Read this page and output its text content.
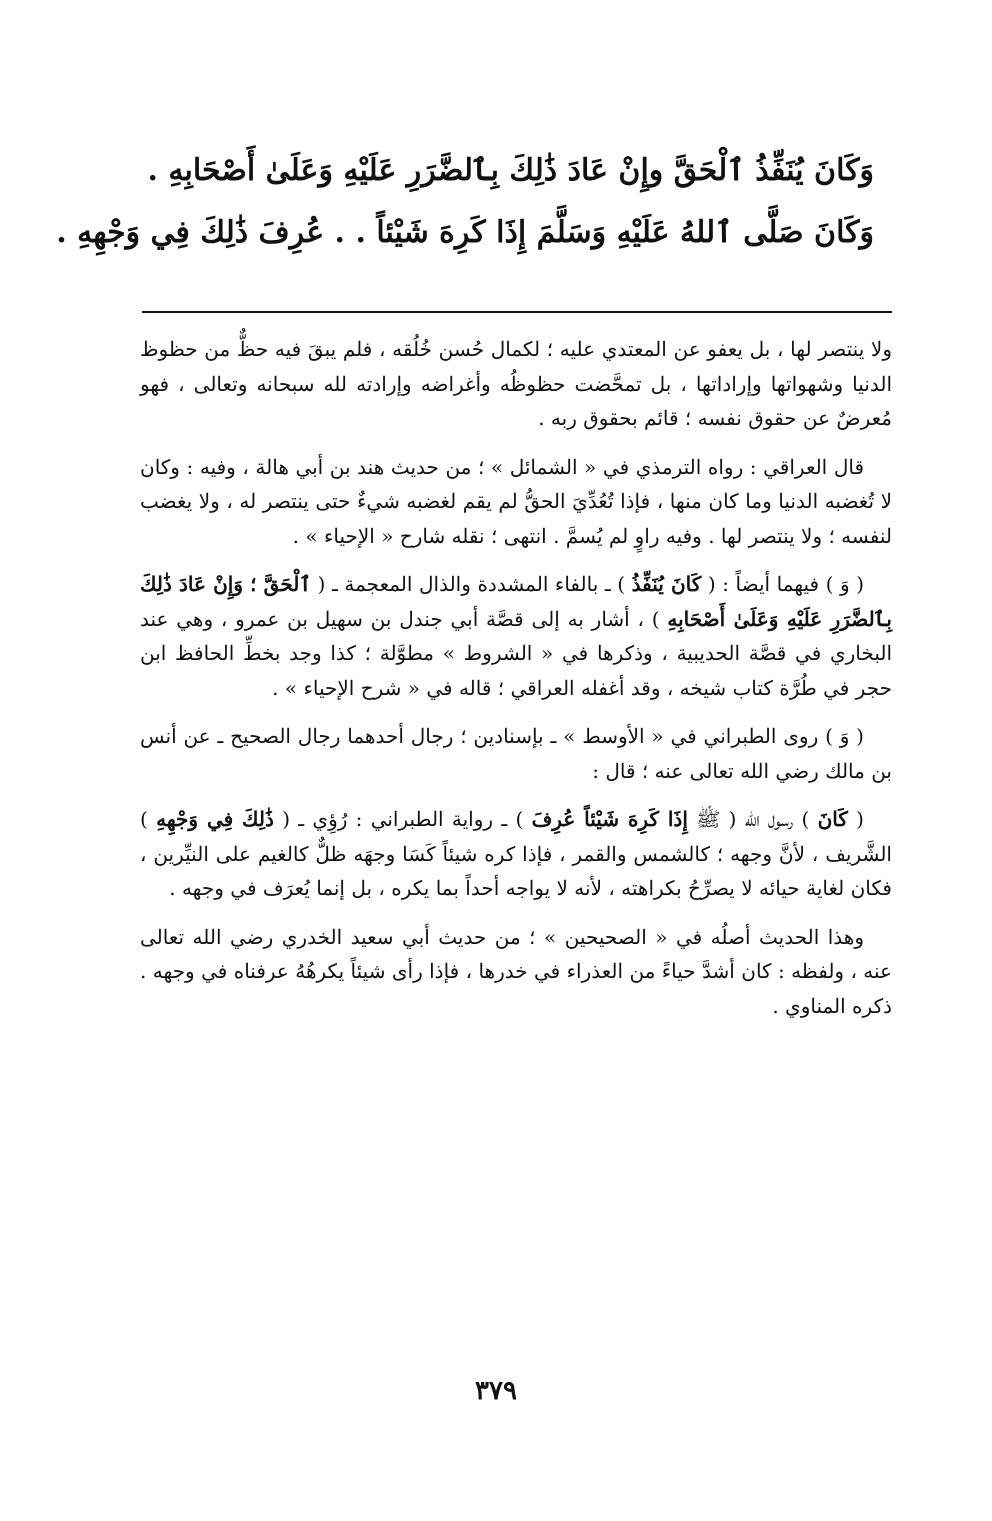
وَكَانَ يُنَفِّذُ ٱلْحَقَّ وإِنْ عَادَ ذَٰلِكَ بِٱلضَّرَرِ عَلَيْهِ وَعَلَىٰ أَصْحَابِهِ .
وَكَانَ صَلَّى ٱللهُ عَلَيْهِ وَسَلَّمَ إِذَا كَرِهَ شَيْئاً . . عُرِفَ ذَٰلِكَ فِي وَجْهِهِ .

ولا ينتصر لها ، بل يعفو عن المعتدي عليه ؛ لكمال حُسن خُلُقه ، فلم يبقَ فيه حظٌّ من حظوظ الدنيا وشهواتها وإراداتها ، بل تمحَّضت حظوظُه وأغراضه وإرادته لله سبحانه وتعالى ، فهو مُعرضٌ عن حقوق نفسه ؛ قائم بحقوق ربه .

قال العراقي : رواه الترمذي في « الشمائل » ؛ من حديث هند بن أبي هالة ، وفيه : وكان لا تُغضبه الدنيا وما كان منها ، فإذا تُعُدِّيَ الحقُّ لم يقم لغضبه شيءٌ حتى ينتصر له ، ولا يغضب لنفسه ؛ ولا ينتصر لها . وفيه راوٍ لم يُسمَّ . انتهى ؛ نقله شارح « الإحياء » .

( وَ ) فيهما أيضاً : ( كَانَ يُنَفِّذُ ) ـ بالفاء المشددة والذال المعجمة ـ ( ٱلْحَقَّ ؛ وَإِنْ عَادَ ذَٰلِكَ بِٱلضَّرَرِ عَلَيْهِ وَعَلَىٰ أَصْحَابِهِ ) ، أشار به إلى قصَّة أبي جندل بن سهيل بن عمرو ، وهي عند البخاري في قصَّة الحديبية ، وذكرها في « الشروط » مطوَّلة ؛ كذا وجد بخطِّ الحافظ ابن حجر في طُرَّة كتاب شيخه ، وقد أغفله العراقي ؛ قاله في « شرح الإحياء » .

( وَ ) روى الطبراني في « الأوسط » ـ بإسنادين ؛ رجال أحدهما رجال الصحيح ـ عن أنس بن مالك رضي الله تعالى عنه ؛ قال :

( كَانَ ) رسول الله ( ﷺ إِذَا كَرِهَ شَيْئاً عُرِفَ ) ـ رواية الطبراني : رُؤِي ـ ( ذَٰلِكَ فِي وَجْهِهِ ) الشَّريف ، لأنَّ وجهه ؛ كالشمس والقمر ، فإذا كره شيئاً كَسَا وجهَه ظلٌّ كالغيم على النيِّرين ، فكان لغاية حيائه لا يصرِّحُ بكراهته ، لأنه لا يواجه أحداً بما يكره ، بل إنما يُعرَف في وجهه .

وهذا الحديث أصلُه في « الصحيحين » ؛ من حديث أبي سعيد الخدري رضي الله تعالى عنه ، ولفظه : كان أشدَّ حياءً من العذراء في خدرها ، فإذا رأى شيئاً يكرهُهُ عرفناه في وجهه . ذكره المناوي .

٣٧٩
